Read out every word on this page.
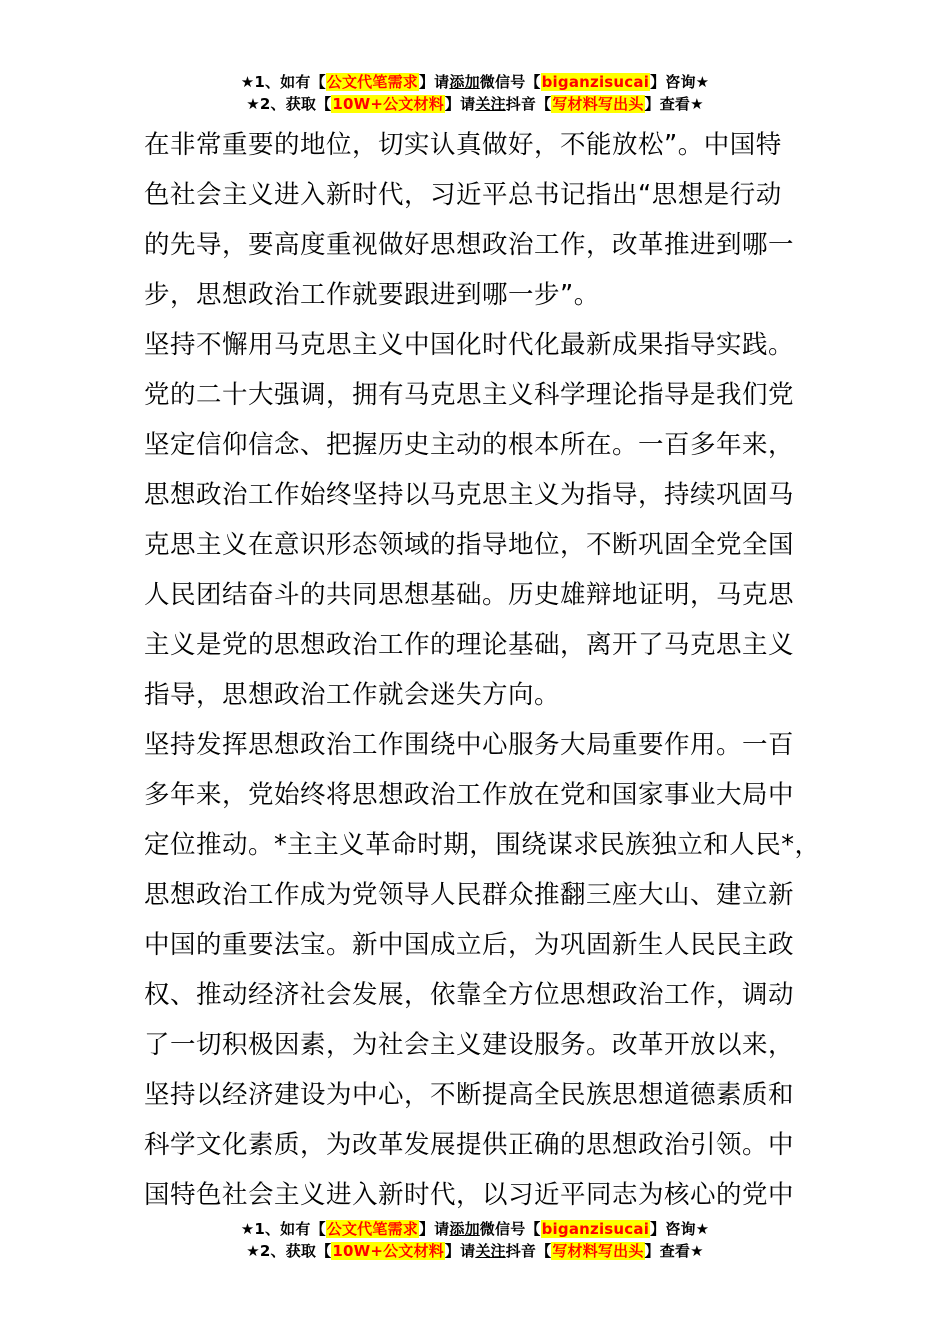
★1、如有【公文代笔需求】请添加微信号【biganzisucai】咨询★
★2、获取【10W+公文材料】请关注抖音【写材料写出头】查看★
在非常重要的地位，切实认真做好，不能放松”。中国特
色社会主义进入新时代，习近平总书记指出“思想是行动
的先导，要高度重视做好思想政治工作，改革推进到哪一
步，思想政治工作就要跟进到哪一步”。
坚持不懈用马克思主义中国化时代化最新成果指导实践。
党的二十大强调，拥有马克思主义科学理论指导是我们党
坚定信仰信念、把握历史主动的根本所在。一百多年来，
思想政治工作始终坚持以马克思主义为指导，持续巩固马
克思主义在意识形态领域的指导地位，不断巩固全党全国
人民团结奋斗的共同思想基础。历史雄辩地证明，马克思
主义是党的思想政治工作的理论基础，离开了马克思主义
指导，思想政治工作就会迷失方向。
坚持发挥思想政治工作围绕中心服务大局重要作用。一百
多年来，党始终将思想政治工作放在党和国家事业大局中
定位推动。*主主义革命时期，围绕谋求民族独立和人民*，
思想政治工作成为党领导人民群众推翻三座大山、建立新
中国的重要法宝。新中国成立后，为巩固新生人民民主政
权、推动经济社会发展，依靠全方位思想政治工作，调动
了一切积极因素，为社会主义建设服务。改革开放以来，
坚持以经济建设为中心，不断提高全民族思想道德素质和
科学文化素质，为改革发展提供正确的思想政治引领。中
国特色社会主义进入新时代，以习近平同志为核心的党中
★1、如有【公文代笔需求】请添加微信号【biganzisucai】咨询★
★2、获取【10W+公文材料】请关注抖音【写材料写出头】查看★
